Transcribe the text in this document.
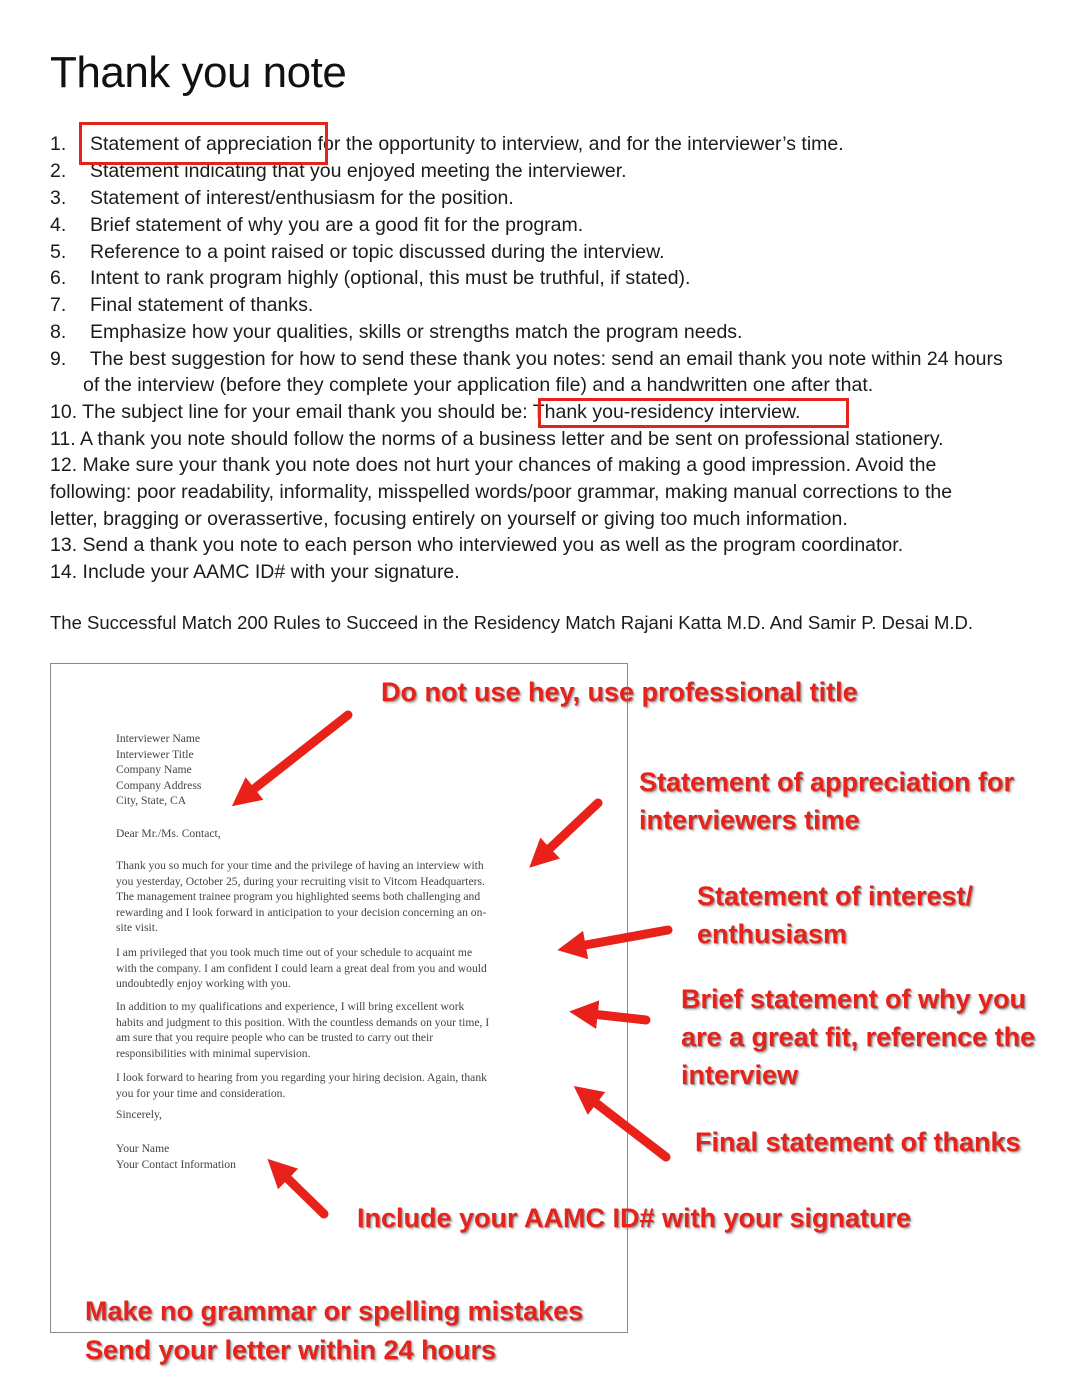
Thank you note
1. Statement of appreciation for the opportunity to interview, and for the interviewer’s time.
2. Statement indicating that you enjoyed meeting the interviewer.
3. Statement of interest/enthusiasm for the position.
4. Brief statement of why you are a good fit for the program.
5. Reference to a point raised or topic discussed during the interview.
6. Intent to rank program highly (optional, this must be truthful, if stated).
7. Final statement of thanks.
8. Emphasize how your qualities, skills or strengths match the program needs.
9. The best suggestion for how to send these thank you notes: send an email thank you note within 24 hours
of the interview (before they complete your application file) and a handwritten one after that.
10. The subject line for your email thank you should be: Thank you-residency interview.
11. A thank you note should follow the norms of a business letter and be sent on professional stationery.
12. Make sure your thank you note does not hurt your chances of making a good impression. Avoid the
following: poor readability, informality, misspelled words/poor grammar, making manual corrections to the
letter, bragging or overassertive, focusing entirely on yourself or giving too much information.
13. Send a thank you note to each person who interviewed you as well as the program coordinator.
14. Include your AAMC ID# with your signature.
The Successful Match 200 Rules to Succeed in the Residency Match Rajani Katta M.D. And Samir P. Desai M.D.
Interviewer Name
Interviewer Title
Company Name
Company Address
City, State, CA
Dear Mr./Ms. Contact,
Thank you so much for your time and the privilege of having an interview with
you yesterday, October 25, during your recruiting visit to Vitcom Headquarters.
The management trainee program you highlighted seems both challenging and
rewarding and I look forward in anticipation to your decision concerning an on-
site visit.
I am privileged that you took much time out of your schedule to acquaint me
with the company. I am confident I could learn a great deal from you and would
undoubtedly enjoy working with you.
In addition to my qualifications and experience, I will bring excellent work
habits and judgment to this position. With the countless demands on your time, I
am sure that you require people who can be trusted to carry out their
responsibilities with minimal supervision.
I look forward to hearing from you regarding your hiring decision. Again, thank
you for your time and consideration.
Sincerely,
Your Name
Your Contact Information
Do not use hey, use professional title
Statement of appreciation for
interviewers time
Statement of interest/
enthusiasm
Brief statement of why you
are a great fit, reference the
interview
Final statement of thanks
Include your AAMC ID# with your signature
Make no grammar or spelling mistakes
Send your letter within 24 hours
